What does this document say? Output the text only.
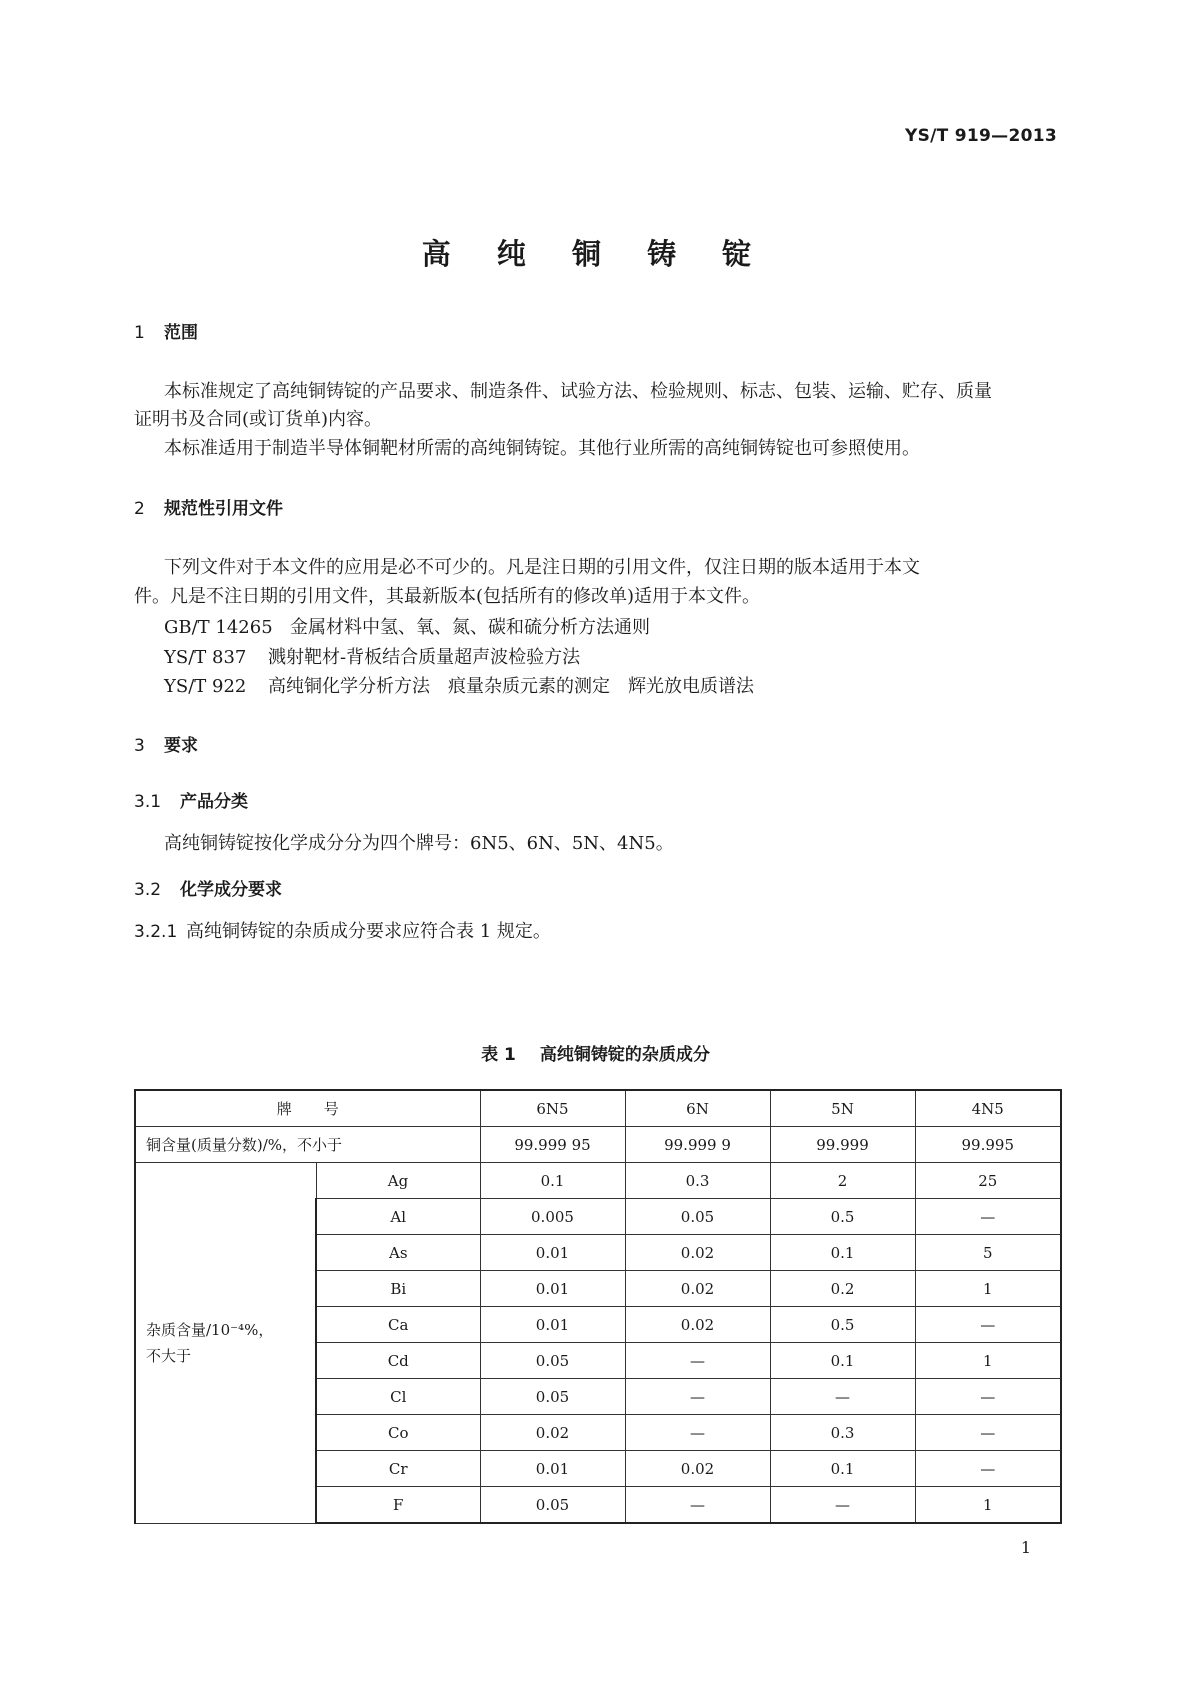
YS/T 919—2013
高 纯 铜 铸 锭
1 范围
本标准规定了高纯铜铸锭的产品要求、制造条件、试验方法、检验规则、标志、包装、运输、贮存、质量
证明书及合同(或订货单)内容。
本标准适用于制造半导体铜靶材所需的高纯铜铸锭。其他行业所需的高纯铜铸锭也可参照使用。
2 规范性引用文件
下列文件对于本文件的应用是必不可少的。凡是注日期的引用文件，仅注日期的版本适用于本文
件。凡是不注日期的引用文件，其最新版本(包括所有的修改单)适用于本文件。
GB/T 14265 金属材料中氢、氧、氮、碳和硫分析方法通则
YS/T 837 溅射靶材-背板结合质量超声波检验方法
YS/T 922 高纯铜化学分析方法　痕量杂质元素的测定　辉光放电质谱法
3 要求
3.1 产品分类
高纯铜铸锭按化学成分分为四个牌号：6N5、6N、5N、4N5。
3.2 化学成分要求
3.2.1 高纯铜铸锭的杂质成分要求应符合表 1 规定。
表 1 高纯铜铸锭的杂质成分
牌 号		6N5	6N	5N	4N5
铜含量(质量分数)/%，不小于		99.999 95	99.999 9	99.999	99.995
杂质含量/10⁻⁴%，
不大于	Ag	0.1	0.3	2	25
	Al	0.005	0.05	0.5	—
	As	0.01	0.02	0.1	5
	Bi	0.01	0.02	0.2	1
	Ca	0.01	0.02	0.5	—
	Cd	0.05	—	0.1	1
	Cl	0.05	—	—	—
	Co	0.02	—	0.3	—
	Cr	0.01	0.02	0.1	—
	F	0.05	—	—	1
1
